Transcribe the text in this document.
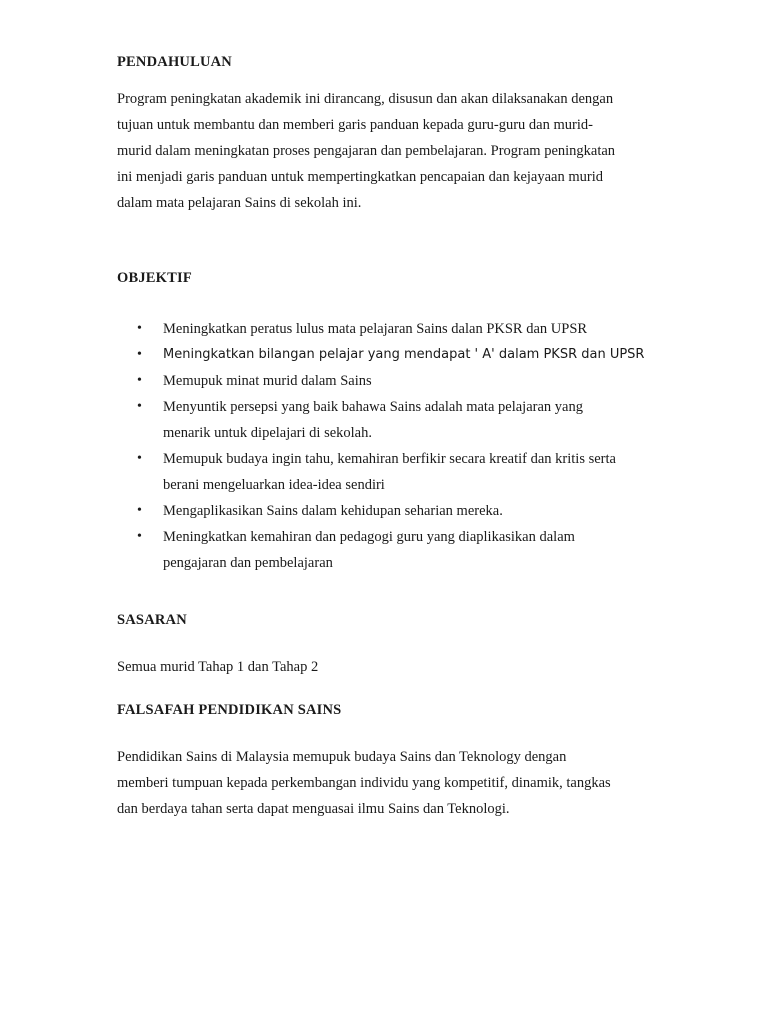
PENDAHULUAN

Program peningkatan akademik ini dirancang, disusun dan akan dilaksanakan dengan

tujuan untuk membantu dan memberi garis panduan kepada guru-guru dan murid-

murid dalam meningkatan proses pengajaran dan pembelajaran. Program peningkatan

ini menjadi garis panduan untuk mempertingkatkan pencapaian dan kejayaan murid

dalam mata pelajaran Sains di sekolah ini.

OBJEKTIF
• Meningkatkan peratus lulus mata pelajaran Sains dalan PKSR dan UPSR
• Meningkatkan bilangan pelajar yang mendapat ' A' dalam PKSR dan UPSR
• Memupuk minat murid dalam Sains
• Menyuntik persepsi yang baik bahawa Sains adalah mata pelajaran yang
menarik untuk dipelajari di sekolah.
• Memupuk budaya ingin tahu, kemahiran berfikir secara kreatif dan kritis serta
berani mengeluarkan idea-idea sendiri
• Mengaplikasikan Sains dalam kehidupan seharian mereka.
• Meningkatkan kemahiran dan pedagogi guru yang diaplikasikan dalam
pengajaran dan pembelajaran
SASARAN

Semua murid Tahap 1 dan Tahap 2

FALSAFAH PENDIDIKAN SAINS

Pendidikan Sains di Malaysia memupuk budaya Sains dan Teknology dengan

memberi tumpuan kepada perkembangan individu yang kompetitif, dinamik, tangkas

dan berdaya tahan serta dapat menguasai ilmu Sains dan Teknologi.
